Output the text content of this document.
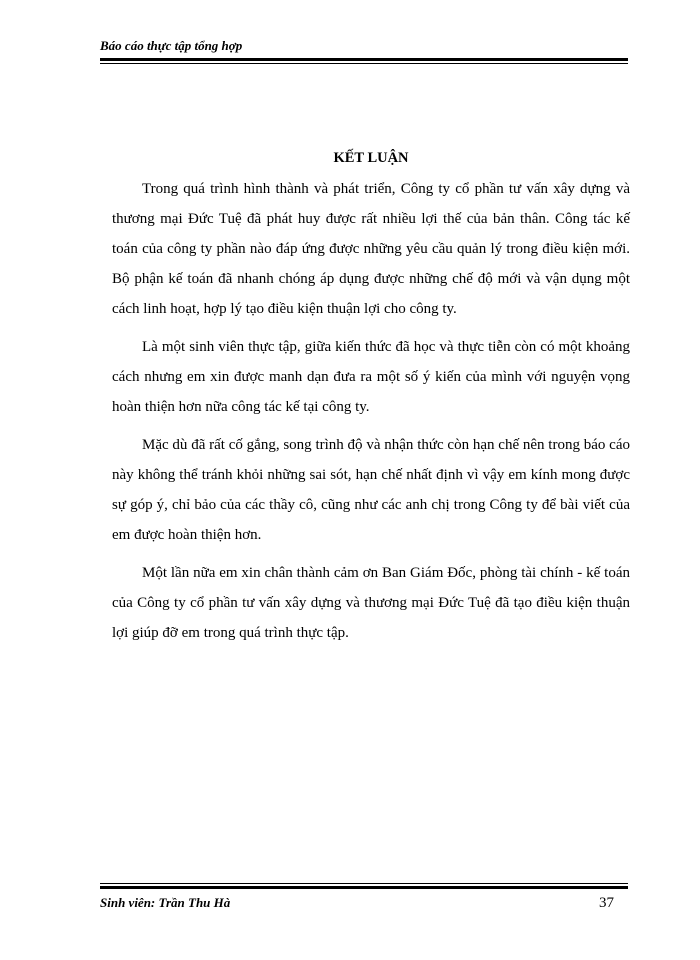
Báo cáo thực tập tổng hợp

KẾT LUẬN

Trong quá trình hình thành và phát triển, Công ty cổ phần tư vấn xây dựng và thương mại Đức Tuệ đã phát huy được rất nhiều lợi thế của bản thân. Công tác kế toán của công ty phần nào đáp ứng được những yêu cầu quản lý trong điều kiện mới. Bộ phận kế toán đã nhanh chóng áp dụng được những chế độ mới và vận dụng một cách linh hoạt, hợp lý tạo điều kiện thuận lợi cho công ty.

Là một sinh viên thực tập, giữa kiến thức đã học và thực tiễn còn có một khoảng cách nhưng em xin được manh dạn đưa ra một số ý kiến của mình với nguyện vọng hoàn thiện hơn nữa công tác kế tại công ty.

Mặc dù đã rất cố gắng, song trình độ và nhận thức còn hạn chế nên trong báo cáo này không thể tránh khỏi những sai sót, hạn chế nhất định vì vậy em kính mong được sự góp ý, chỉ bảo của các thầy cô, cũng như các anh chị trong Công ty để bài viết của em được hoàn thiện hơn.

Một lần nữa em xin chân thành cảm ơn Ban Giám Đốc, phòng tài chính - kế toán của Công ty cổ phần tư vấn xây dựng và thương mại Đức Tuệ đã tạo điều kiện thuận lợi giúp đỡ em trong quá trình thực tập.

Sinh viên: Trần Thu Hà	37
